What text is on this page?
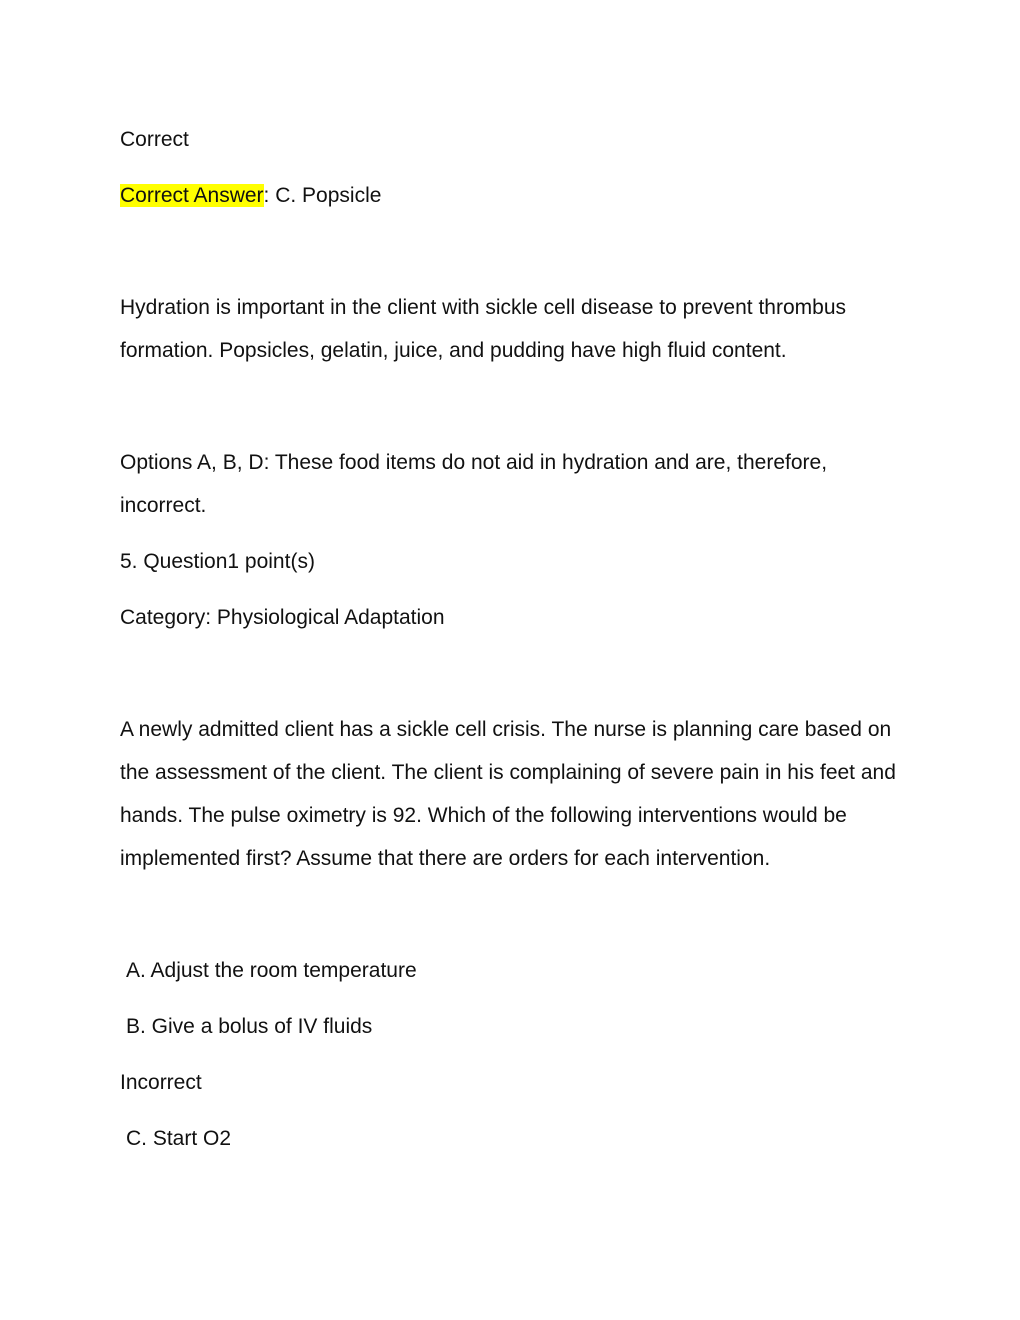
Correct

Correct Answer: C. Popsicle

Hydration is important in the client with sickle cell disease to prevent thrombus formation. Popsicles, gelatin, juice, and pudding have high fluid content.

Options A, B, D: These food items do not aid in hydration and are, therefore, incorrect.

5. Question1 point(s)

Category: Physiological Adaptation

A newly admitted client has a sickle cell crisis. The nurse is planning care based on the assessment of the client. The client is complaining of severe pain in his feet and hands. The pulse oximetry is 92. Which of the following interventions would be implemented first? Assume that there are orders for each intervention.

A. Adjust the room temperature

B. Give a bolus of IV fluids

Incorrect

C. Start O2
